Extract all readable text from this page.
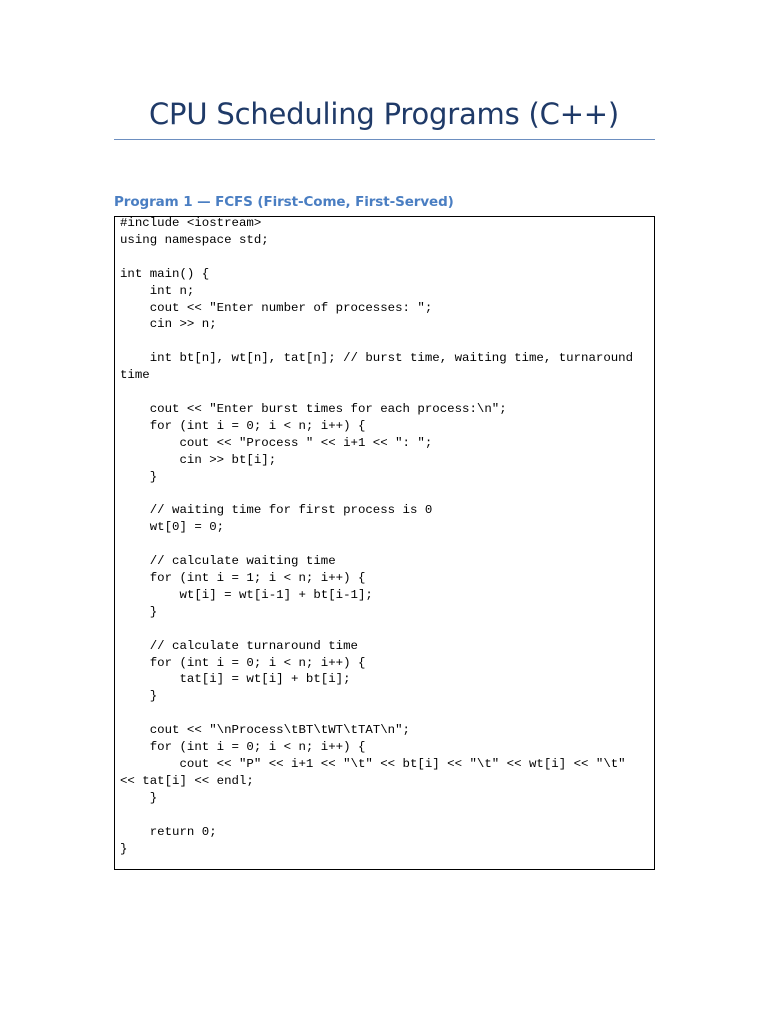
CPU Scheduling Programs (C++)
Program 1 — FCFS (First-Come, First-Served)
#include <iostream>
using namespace std;

int main() {
int n;
cout << "Enter number of processes: ";
cin >> n;

int bt[n], wt[n], tat[n]; // burst time, waiting time, turnaround
time

cout << "Enter burst times for each process:\n";
for (int i = 0; i < n; i++) {
cout << "Process " << i+1 << ": ";
cin >> bt[i];
}

// waiting time for first process is 0
wt[0] = 0;

// calculate waiting time
for (int i = 1; i < n; i++) {
wt[i] = wt[i-1] + bt[i-1];
}

// calculate turnaround time
for (int i = 0; i < n; i++) {
tat[i] = wt[i] + bt[i];
}

cout << "\nProcess\tBT\tWT\tTAT\n";
for (int i = 0; i < n; i++) {
cout << "P" << i+1 << "\t" << bt[i] << "\t" << wt[i] << "\t"
<< tat[i] << endl;
}

return 0;
}
